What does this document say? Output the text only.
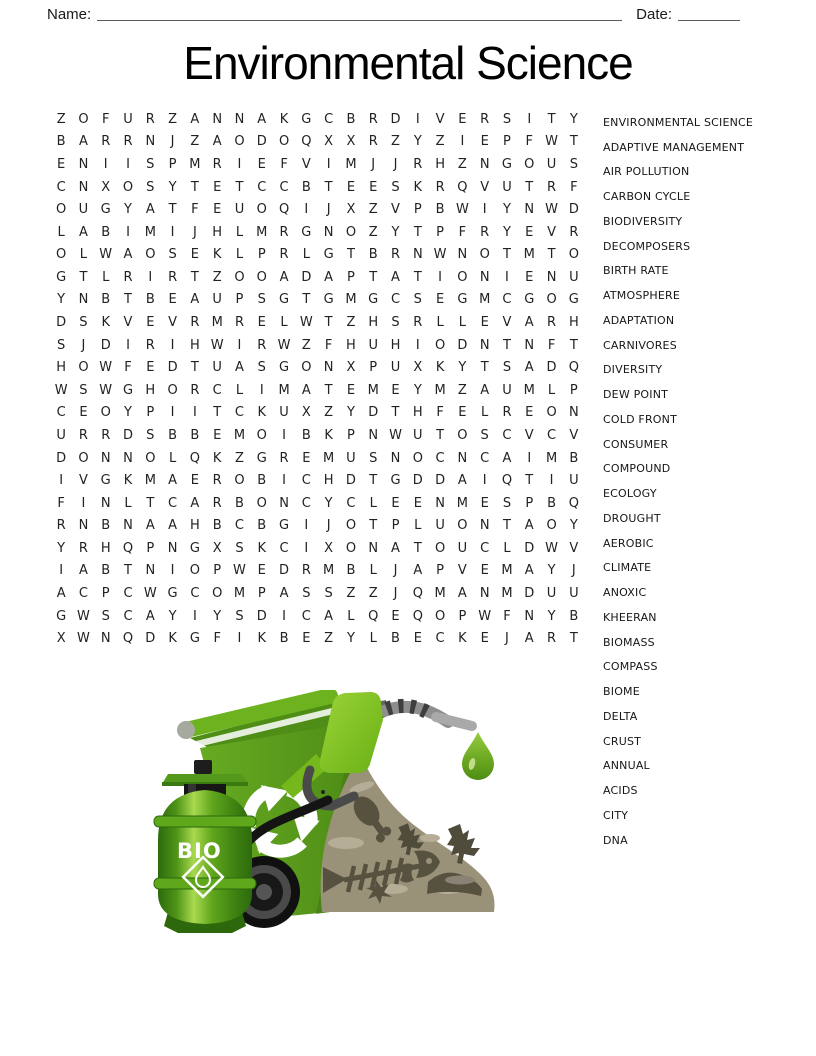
Name:	Date:
Environmental Science
Z O	F	U	R	Z	A N N A	K G C	B	R D	I	V	E	R	S	I	T	Y
B	A	R	R N	J	Z	A O D O Q X	X	R	Z	Y	Z	I	E	P	F W T
E	N	I	I	S	P M R	I	E	F	V	I	M	J	J	R H Z N G O U	S
C N X O	S	Y	T	E	T	C	C	B	T	E	E	S	K	R Q V	U	T	R	F
O U G	Y	A	T	F	E	U O Q	I	J	X	Z	V	P	B W	I	Y	N W D
L	A	B	I	M	I	J	H	L	M R G N O Z	Y	T	P	F	R	Y	E	V	R
O	L W A O	S	E	K	L	P	R	L	G	T	B	R N W N O	T M T	O
G	T	L	R	I	R	T	Z O O A D A	P	T	A	T	I	O N	I	E	N U
Y	N B	T	B	E	A	U	P	S	G	T	G M G C	S	E	G M C G O G
D	S	K	V	E	V	R M R	E	L W T	Z H	S	R	L	L	E	V	A	R H
S	J	D	I	R	I	H W	I	R W Z	F	H U H	I	O D N	T	N	F	T
H O W F	E	D	T	U	A	S	G O N X	P	U	X	K	Y	T	S	A D Q
W S W G H O R	C	L	I	M A	T	E M E	Y M Z	A	U M	L	P
C	E	O	Y	P	I	I	T	C	K	U	X	Z	Y	D	T	H	F	E	L	R	E	O N
U	R	R D	S	B	B	E M O	I	B	K	P	N W U	T	O	S	C	V	C	V
D O N N O	L	Q K	Z G R	E M U	S	N O C N C	A	I	M B
I	V G K M A	E	R O B	I	C H D	T	G D D A	I	Q	T	I	U
F	I	N	L	T	C	A	R	B O N C	Y	C	L	E	E	N M E	S	P	B Q
R N B N A	A H B	C	B G	I	J	O	T	P	L	U O N	T	A O	Y
Y	R H Q	P	N G X	S	K	C	I	X O N A	T	O U	C	L	D W V
I	A	B	T	N	I	O	P W E	D R M B	L	J	A	P	V	E M A	Y	J
A	C	P	C W G C O M P	A	S	S	Z	Z	J	Q M A N M D U U
G W S	C	A	Y	I	Y	S	D	I	C	A	L	Q	E	Q O	P W F	N	Y	B
X W N Q D	K G	F	I	K	B	E	Z	Y	L	B	E	C	K	E	J	A	R	T
ENVIRONMENTAL SCIENCE
ADAPTIVE MANAGEMENT
AIR POLLUTION
CARBON CYCLE
BIODIVERSITY
DECOMPOSERS
BIRTH RATE
ATMOSPHERE
ADAPTATION
CARNIVORES
DIVERSITY
DEW POINT
COLD FRONT
CONSUMER
COMPOUND
ECOLOGY
DROUGHT
AEROBIC
CLIMATE
ANOXIC
KHEERAN
BIOMASS
COMPASS
BIOME
DELTA
CRUST
ANNUAL
ACIDS
CITY
DNA
BIO
